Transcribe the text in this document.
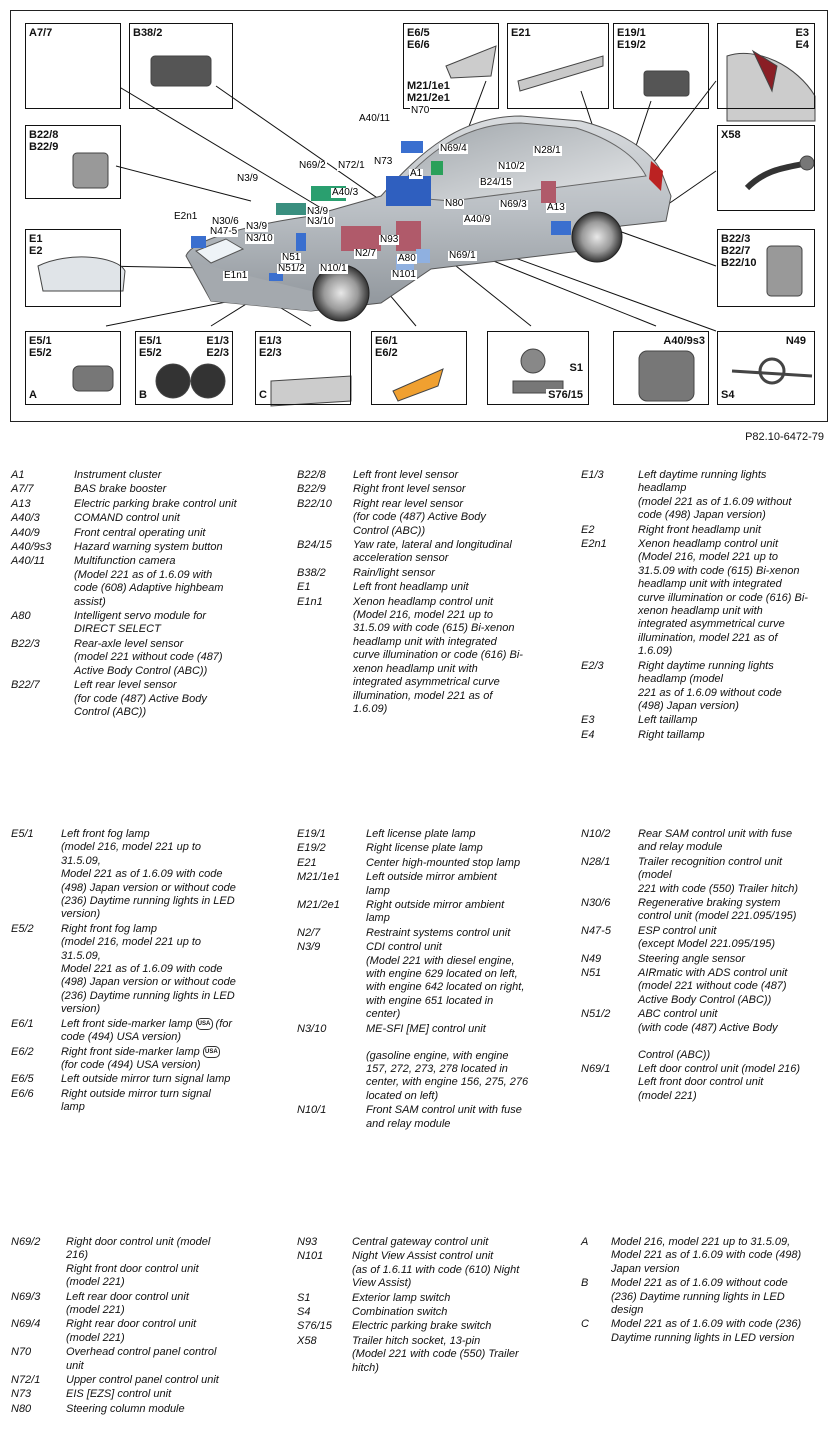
A7/7	B38/2	E6/5
E6/6
M21/1e1
M21/2e1
E21	E19/1
E19/2
E3
E4
B22/8
B22/9
X58
E1
E2
B22/3
B22/7
B22/10
E5/1
E5/2
A
E5/1
E5/2
E1/3
E2/3
B
E1/3
E2/3
C
E6/1
E6/2
S1
S76/15
A40/9s3	N49
S4
A40/11
N70
N69/2 N72/1 N73
N69/4
A1
N10/2
N28/1
N3/9
A40/3
B24/15
N69/3 A13
E2n1 N30/6
N47-5 N3/9
N3/10
N3/9
N3/10
N80
A40/9
N93
N2/7 A80	N69/1
N51
N51/2 N10/1
N101
E1n1
P82.10-6472-79
A1	Instrument cluster
A7/7	BAS brake booster
A13	Electric parking brake control unit
A40/3	COMAND control unit
A40/9	Front central operating unit
A40/9s3	Hazard warning system button
A40/11	Multifunction camera
(Model 221 as of 1.6.09 with
code (608) Adaptive highbeam
assist)
A80	Intelligent servo module for
DIRECT SELECT
B22/3	Rear-axle level sensor
(model 221 without code (487)
Active Body Control (ABC))
B22/7	Left rear level sensor
(for code (487) Active Body
Control (ABC))
B22/8	Left front level sensor
B22/9	Right front level sensor
B22/10	Right rear level sensor
(for code (487) Active Body
Control (ABC))
B24/15	Yaw rate, lateral and longitudinal
acceleration sensor
B38/2	Rain/light sensor
E1	Left front headlamp unit
E1n1	Xenon headlamp control unit
(Model 216, model 221 up to
31.5.09 with code (615) Bi-xenon
headlamp unit with integrated
curve illumination or code (616) Bi-
xenon headlamp unit with
integrated asymmetrical curve
illumination, model 221 as of
1.6.09)
E1/3	Left daytime running lights
headlamp
(model 221 as of 1.6.09 without
code (498) Japan version)
E2	Right front headlamp unit
E2n1	Xenon headlamp control unit
(Model 216, model 221 up to
31.5.09 with code (615) Bi-xenon
headlamp unit with integrated
curve illumination or code (616) Bi-
xenon headlamp unit with
integrated asymmetrical curve
illumination, model 221 as of
1.6.09)
E2/3	Right daytime running lights
headlamp (model
221 as of 1.6.09 without code
(498) Japan version)
E3	Left taillamp
E4	Right taillamp
E5/1	Left front fog lamp
(model 216, model 221 up to
31.5.09,
Model 221 as of 1.6.09 with code
(498) Japan version or without code
(236) Daytime running lights in LED
version)
E5/2	Right front fog lamp
(model 216, model 221 up to
31.5.09,
Model 221 as of 1.6.09 with code
(498) Japan version or without code
(236) Daytime running lights in LED
version)
E6/1	Left front side-marker lamp USA (for
code (494) USA version)
E6/2	Right front side-marker lamp USA
(for code (494) USA version)
E6/5	Left outside mirror turn signal lamp
E6/6	Right outside mirror turn signal
lamp
E19/1	Left license plate lamp
E19/2	Right license plate lamp
E21	Center high-mounted stop lamp
M21/1e1	Left outside mirror ambient
lamp
M21/2e1	Right outside mirror ambient
lamp
N2/7	Restraint systems control unit
N3/9	CDI control unit
(Model 221 with diesel engine,
with engine 629 located on left,
with engine 642 located on right,
with engine 651 located in
center)
N3/10	ME-SFI [ME] control unit

(gasoline engine, with engine
157, 272, 273, 278 located in
center, with engine 156, 275, 276
located on left)
N10/1	Front SAM control unit with fuse
and relay module
N10/2	Rear SAM control unit with fuse
and relay module
N28/1	Trailer recognition control unit
(model
221 with code (550) Trailer hitch)
N30/6	Regenerative braking system
control unit (model 221.095/195)
N47-5	ESP control unit
(except Model 221.095/195)
N49	Steering angle sensor
N51	AIRmatic with ADS control unit
(model 221 without code (487)
Active Body Control (ABC))
N51/2	ABC control unit
(with code (487) Active Body

Control (ABC))
N69/1	Left door control unit (model 216)
Left front door control unit
(model 221)
N69/2	Right door control unit (model
216)
Right front door control unit
(model 221)
N69/3	Left rear door control unit
(model 221)
N69/4	Right rear door control unit
(model 221)
N70	Overhead control panel control
unit
N72/1	Upper control panel control unit
N73	EIS [EZS] control unit
N80	Steering column module
N93	Central gateway control unit
N101	Night View Assist control unit
(as of 1.6.11 with code (610) Night
View Assist)
S1	Exterior lamp switch
S4	Combination switch
S76/15	Electric parking brake switch
X58	Trailer hitch socket, 13-pin
(Model 221 with code (550) Trailer
hitch)
A	Model 216, model 221 up to 31.5.09,
Model 221 as of 1.6.09 with code (498)
Japan version
B	Model 221 as of 1.6.09 without code
(236) Daytime running lights in LED
design
C	Model 221 as of 1.6.09 with code (236)
Daytime running lights in LED version
